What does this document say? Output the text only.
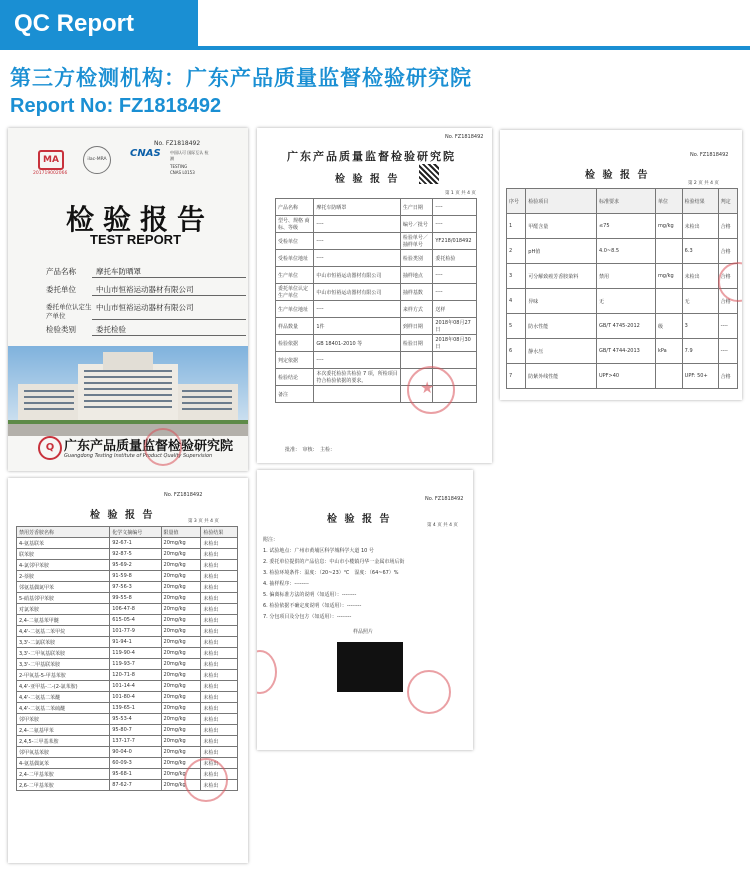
QC Report
第三方检测机构：广东产品质量监督检验研究院
Report No: FZ1818492
MA
201719002066
ilac-MRA
CNAS
No. FZ1818492
中国认可 国际互认 检测
TESTING
CNAS L0153
检验报告
TEST REPORT
产品名称	摩托车防晒罩
委托单位	中山市恒裕运动器材有限公司
委托单位认定生产单位
中山市恒裕运动器材有限公司
检验类别	委托检验
Q 广东产品质量监督检验研究院
Guangdong Testing Institute of Product Quality Supervision
No. FZ1818492
广东产品质量监督检验研究院
检 验 报 告
第 1 页 共 4 页
产品名称	摩托车防晒罩	生产日期	----
型号、规格 商标、等级	----	编号／批号	----
受检单位	----	检验单号／抽样单号	YF218/018492
受检单位地址	----	检验类别	委托检验
生产单位	中山市恒裕运动器材有限公司	抽样地点	----
委托单位认定生产单位	中山市恒裕运动器材有限公司	抽样基数	----
生产单位地址	----	来样方式	送样
样品数量	1件	到样日期	2018年08月27日
检验依据	GB 18401-2010 等	检验日期	2018年08月30日
判定依据	----		
检验结论	本次委托检验共检验 7 项，所检项目符合检验依据的要求。		
备注			
批准：　审核：　主检：
★
No. FZ1818492
检 验 报 告
第 2 页 共 4 页
序号	检验项目	标准要求	单位	检验结果	判定
1	甲醛含量	≤75	mg/kg	未检出	合格
2	pH值	4.0~8.5		6.3	合格
3	可分解致癌芳香胺染料	禁用	mg/kg	未检出	合格
4	异味	无		无	合格
5	防水性能	GB/T 4745-2012	级	3	----
6	静水压	GB/T 4744-2013	kPa	7.9	----
7	防紫外线性能	UPF>40		UPF: 50+	合格
No. FZ1818492
检 验 报 告
第 3 页 共 4 页
禁用芳香胺名称	化学文摘编号	限量值	检验结果
4-氨基联苯	92-67-1	20mg/kg	未检出
联苯胺	92-87-5	20mg/kg	未检出
4-氯邻甲苯胺	95-69-2	20mg/kg	未检出
2-萘胺	91-59-8	20mg/kg	未检出
邻氨基偶氮甲苯	97-56-3	20mg/kg	未检出
5-硝基邻甲苯胺	99-55-8	20mg/kg	未检出
对氯苯胺	106-47-8	20mg/kg	未检出
2,4-二氨基苯甲醚	615-05-4	20mg/kg	未检出
4,4'-二氨基二苯甲烷	101-77-9	20mg/kg	未检出
3,3'-二氯联苯胺	91-94-1	20mg/kg	未检出
3,3'-二甲氧基联苯胺	119-90-4	20mg/kg	未检出
3,3'-二甲基联苯胺	119-93-7	20mg/kg	未检出
2-甲氧基-5-甲基苯胺	120-71-8	20mg/kg	未检出
4,4'-亚甲基-二-(2-氯苯胺)	101-14-4	20mg/kg	未检出
4,4'-二氨基二苯醚	101-80-4	20mg/kg	未检出
4,4'-二氨基二苯硫醚	139-65-1	20mg/kg	未检出
邻甲苯胺	95-53-4	20mg/kg	未检出
2,4-二氨基甲苯	95-80-7	20mg/kg	未检出
2,4,5-三甲基苯胺	137-17-7	20mg/kg	未检出
邻甲氧基苯胺	90-04-0	20mg/kg	未检出
4-氨基偶氮苯	60-09-3	20mg/kg	未检出
2,4-二甲基苯胺	95-68-1	20mg/kg	未检出
2,6-二甲基苯胺	87-62-7	20mg/kg	未检出
No. FZ1818492
检 验 报 告
第 4 页 共 4 页
附注：
1. 试验地点：广州市黄埔区科学城科学大道 10 号
2. 委托单位提供的产品信息：中山市小榄镇丹华一金属市场后街
3. 检验环境条件：温度：（20~23）℃　湿度：（64~67）%
4. 抽样程序：--------
5. 偏离标准方法的说明（如适用）：--------
6. 检验依据不确定度说明（如适用）：--------
7. 分包项目及分包方（如适用）：--------
样品照片
